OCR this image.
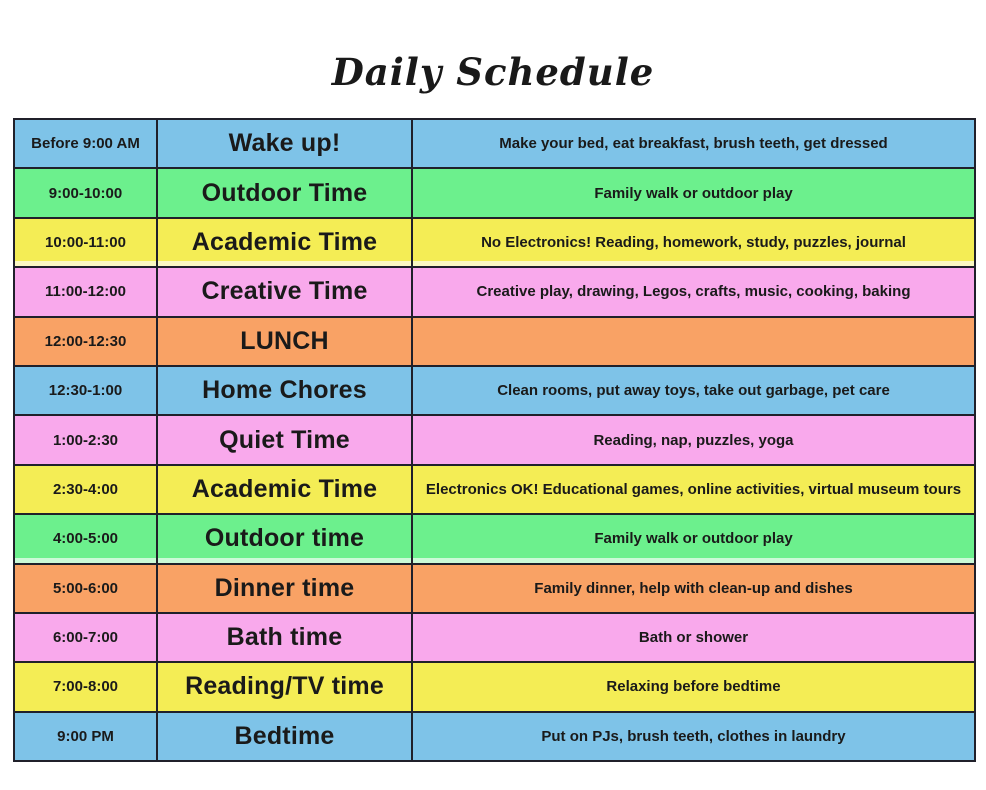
Daily Schedule
Before 9:00 AM	Wake up!	Make your bed, eat breakfast, brush teeth, get dressed
9:00-10:00	Outdoor Time	Family walk or outdoor play
10:00-11:00	Academic Time	No Electronics! Reading, homework, study, puzzles, journal
11:00-12:00	Creative Time	Creative play, drawing, Legos, crafts, music, cooking, baking
12:00-12:30	LUNCH
12:30-1:00	Home Chores	Clean rooms, put away toys, take out garbage, pet care
1:00-2:30	Quiet Time	Reading, nap, puzzles, yoga
2:30-4:00	Academic Time	Electronics OK! Educational games, online activities, virtual museum tours
4:00-5:00	Outdoor time	Family walk or outdoor play
5:00-6:00	Dinner time	Family dinner, help with clean-up and dishes
6:00-7:00	Bath time	Bath or shower
7:00-8:00	Reading/TV time	Relaxing before bedtime
9:00 PM	Bedtime	Put on PJs, brush teeth, clothes in laundry
